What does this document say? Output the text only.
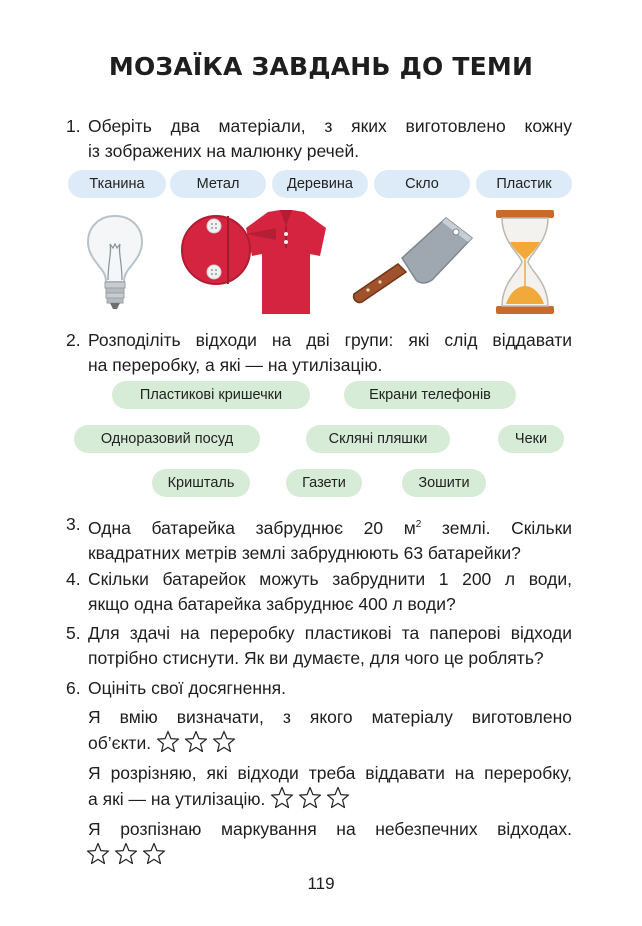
МОЗАЇКА ЗАВДАНЬ ДО ТЕМИ
1. Оберіть два матеріали, з яких виготовлено кожну
із зображених на малюнку речей.
Тканина	Метал	Деревина	Скло	Пластик
2. Розподіліть відходи на дві групи: які слід віддавати
на переробку, а які — на утилізацію.
Пластикові кришечки	Екрани телефонів
Одноразовий посуд	Скляні пляшки	Чеки
Кришталь	Газети	Зошити
3. Одна батарейка забруднює 20 $м^2$ землі. Скільки
квадратних метрів землі забруднюють 63 батарейки?
4. Скільки батарейок можуть забруднити 1 200 л води,
якщо одна батарейка забруднює 400 л води?
5. Для здачі на переробку пластикові та паперові відходи
потрібно стиснути. Як ви думаєте, для чого це роблять?
6. Оцініть свої досягнення.
Я вмію визначати, з якого матеріалу виготовлено
об’єкти.
Я розрізняю, які відходи треба віддавати на переробку,
а які — на утилізацію.
Я розпізнаю маркування на небезпечних відходах.
119
